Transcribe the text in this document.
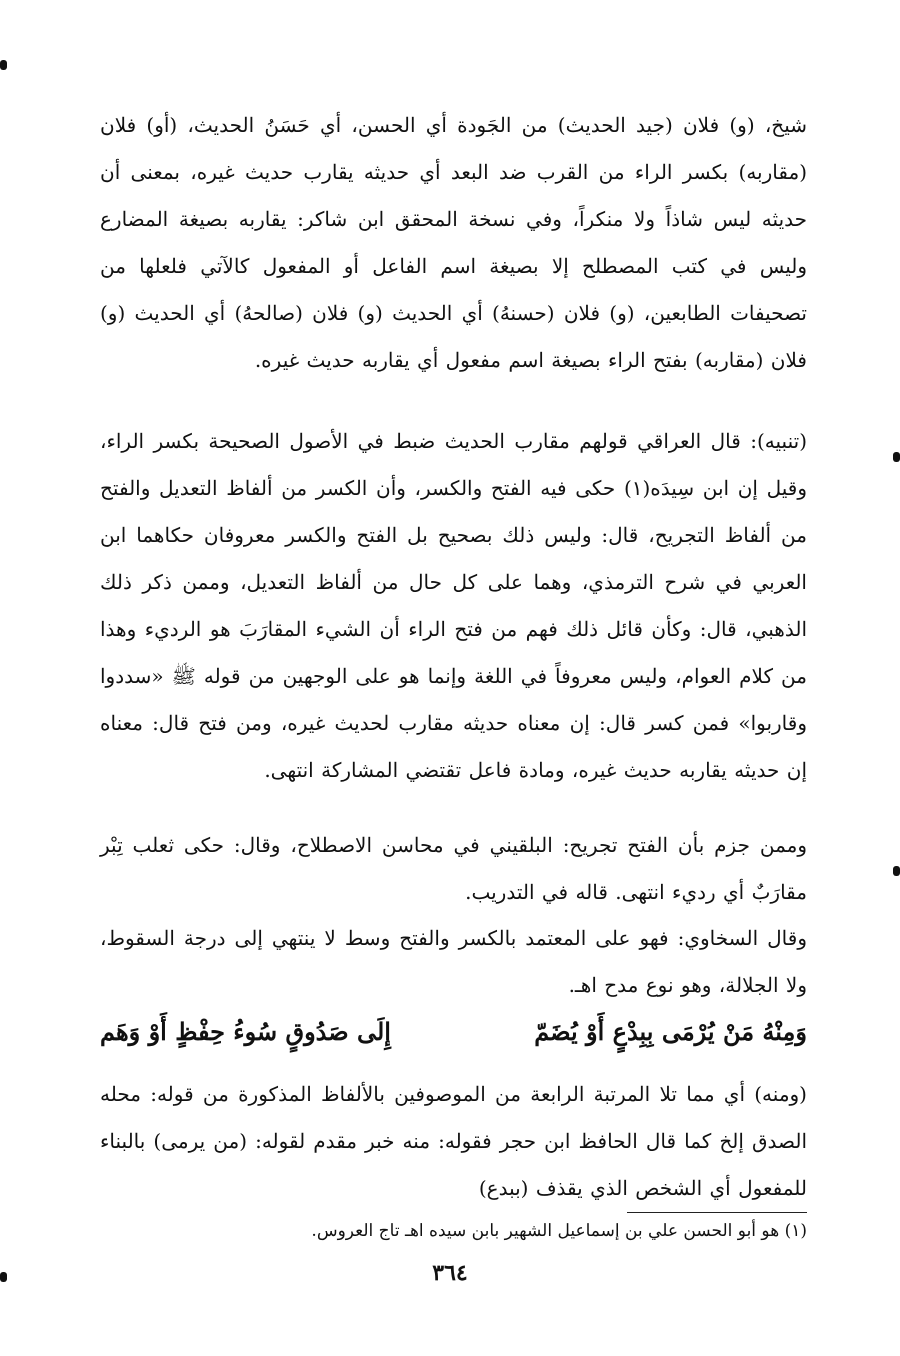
شيخ، (و) فلان (جيد الحديث) من الجَودة أي الحسن، أي حَسَنُ الحديث، (أو) فلان (مقاربه) بكسر الراء من القرب ضد البعد أي حديثه يقارب حديث غيره، بمعنى أن حديثه ليس شاذاً ولا منكراً، وفي نسخة المحقق ابن شاكر: يقاربه بصيغة المضارع وليس في كتب المصطلح إلا بصيغة اسم الفاعل أو المفعول كالآتي فلعلها من تصحيفات الطابعين، (و) فلان (حسنهُ) أي الحديث (و) فلان (صالحهُ) أي الحديث (و) فلان (مقاربه) بفتح الراء بصيغة اسم مفعول أي يقاربه حديث غيره.

(تنبيه): قال العراقي قولهم مقارب الحديث ضبط في الأصول الصحيحة بكسر الراء، وقيل إن ابن سِيدَه(١) حكى فيه الفتح والكسر، وأن الكسر من ألفاظ التعديل والفتح من ألفاظ التجريح، قال: وليس ذلك بصحيح بل الفتح والكسر معروفان حكاهما ابن العربي في شرح الترمذي، وهما على كل حال من ألفاظ التعديل، وممن ذكر ذلك الذهبي، قال: وكأن قائل ذلك فهم من فتح الراء أن الشيء المقارَبَ هو الرديء وهذا من كلام العوام، وليس معروفاً في اللغة وإنما هو على الوجهين من قوله ﷺ «سددوا وقاربوا» فمن كسر قال: إن معناه حديثه مقارب لحديث غيره، ومن فتح قال: معناه إن حديثه يقاربه حديث غيره، ومادة فاعل تقتضي المشاركة انتهى.

وممن جزم بأن الفتح تجريح: البلقيني في محاسن الاصطلاح، وقال: حكى ثعلب تِبْر مقارَبٌ أي رديء انتهى. قاله في التدريب.

وقال السخاوي: فهو على المعتمد بالكسر والفتح وسط لا ينتهي إلى درجة السقوط، ولا الجلالة، وهو نوع مدح اهـ.

وَمِنْهُ مَنْ يُرْمَى بِبِدْعٍ أَوْ يُضَمّ
إِلَى صَدُوقٍ سُوءُ حِفْظٍ أَوْ وَهَم

(ومنه) أي مما تلا المرتبة الرابعة من الموصوفين بالألفاظ المذكورة من قوله: محله الصدق إلخ كما قال الحافظ ابن حجر فقوله: منه خبر مقدم لقوله: (من يرمى) بالبناء للمفعول أي الشخص الذي يقذف (ببدع)

(١) هو أبو الحسن علي بن إسماعيل الشهير بابن سيده اهـ تاج العروس.
٣٦٤
